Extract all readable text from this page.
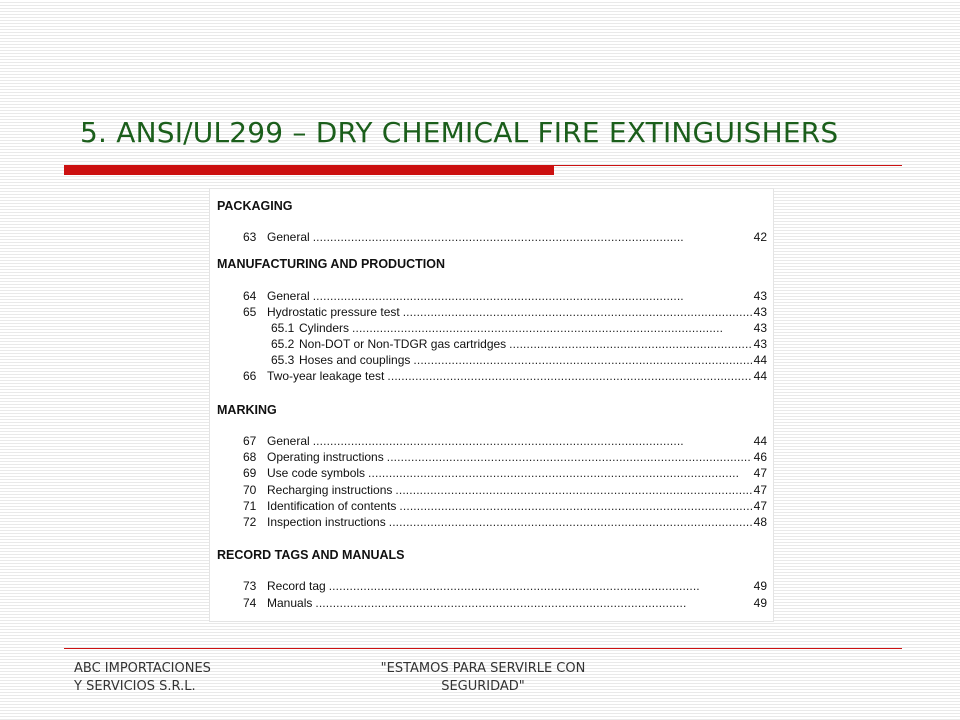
5. ANSI/UL299 – DRY CHEMICAL FIRE EXTINGUISHERS
PACKAGING
63 General . . .	42
MANUFACTURING AND PRODUCTION
64 General . . .	43
65 Hydrostatic pressure test . . .	43
65.1 Cylinders . . .	43
65.2 Non-DOT or Non-TDGR gas cartridges . . .	43
65.3 Hoses and couplings . . .	44
66 Two-year leakage test . . .	44
MARKING
67 General . . .	44
68 Operating instructions . . .	46
69 Use code symbols . . .	47
70 Recharging instructions . . .	47
71 Identification of contents . . .	47
72 Inspection instructions . . .	48
RECORD TAGS AND MANUALS
73 Record tag . . .	49
74 Manuals . . .	49
ABC IMPORTACIONES
Y SERVICIOS S.R.L.
"ESTAMOS PARA SERVIRLE CON
SEGURIDAD"
